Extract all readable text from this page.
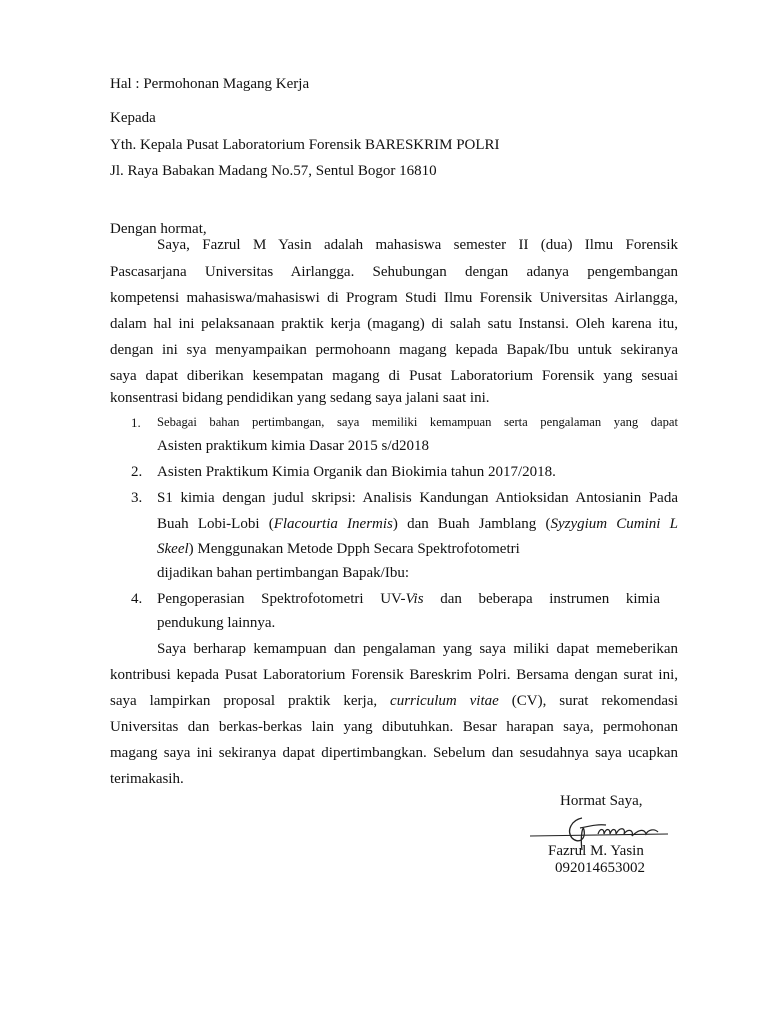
Hal : Permohonan Magang Kerja
Kepada
Yth. Kepala Pusat Laboratorium Forensik BARESKRIM POLRI
Jl. Raya Babakan Madang No.57, Sentul Bogor 16810
Dengan hormat,
Saya, Fazrul M Yasin adalah mahasiswa semester II (dua) Ilmu Forensik
Pascasarjana Universitas Airlangga. Sehubungan dengan adanya pengembangan
kompetensi mahasiswa/mahasiswi di Program Studi Ilmu Forensik Universitas Airlangga,
dalam hal ini pelaksanaan praktik kerja (magang) di salah satu Instansi. Oleh karena itu,
dengan ini sya menyampaikan permohoann magang kepada Bapak/Ibu untuk sekiranya
saya dapat diberikan kesempatan magang di Pusat Laboratorium Forensik yang sesuai
konsentrasi bidang pendidikan yang sedang saya jalani saat ini.
1.	Sebagai bahan pertimbangan, saya memiliki kemampuan serta pengalaman yang dapat
Asisten praktikum kimia Dasar 2015 s/d2018
2. Asisten Praktikum Kimia Organik dan Biokimia tahun 2017/2018.
3. S1 kimia dengan judul skripsi: Analisis Kandungan Antioksidan Antosianin Pada
Buah Lobi-Lobi (Flacourtia Inermis) dan Buah Jamblang (Syzygium Cumini L
Skeel) Menggunakan Metode Dpph Secara Spektrofotometri
dijadikan bahan pertimbangan Bapak/Ibu:
4. Pengoperasian Spektrofotometri UV-Vis dan beberapa instrumen kimia
pendukung lainnya.
Saya berharap kemampuan dan pengalaman yang saya miliki dapat memeberikan
kontribusi kepada Pusat Laboratorium Forensik Bareskrim Polri. Bersama dengan surat ini,
saya lampirkan proposal praktik kerja, curriculum vitae (CV), surat rekomendasi
Universitas dan berkas-berkas lain yang dibutuhkan. Besar harapan saya, permohonan
magang saya ini sekiranya dapat dipertimbangkan. Sebelum dan sesudahnya saya ucapkan
terimakasih.
Hormat Saya,
Fazrul M. Yasin
092014653002
